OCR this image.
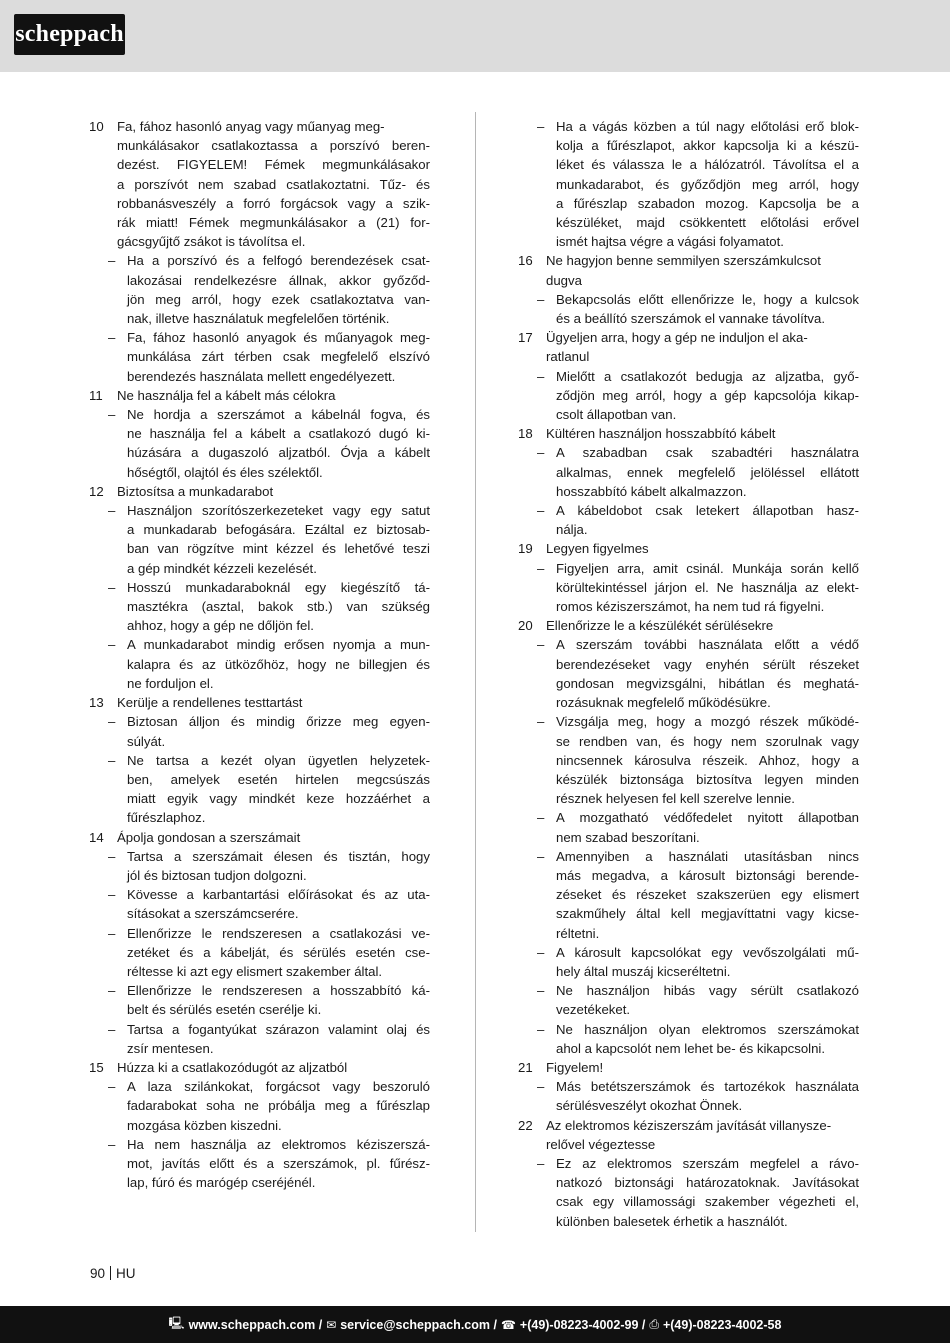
scheppach
10	Fa, fához hasonló anyag vagy műanyag meg-
munkálásakor csatlakoztassa a porszívó beren-
dezést. FIGYELEM! Fémek megmunkálásakor
a porszívót nem szabad csatlakoztatni. Tűz- és
robbanásveszély a forró forgácsok vagy a szik-
rák miatt! Fémek megmunkálásakor a (21) for-
gácsgyűjtő zsákot is távolítsa el.
– Ha a porszívó és a felfogó berendezések csat-
lakozásai rendelkezésre állnak, akkor győződ-
jön meg arról, hogy ezek csatlakoztatva van-
nak, illetve használatuk megfelelően történik.
– Fa, fához hasonló anyagok és műanyagok meg-
munkálása zárt térben csak megfelelő elszívó
berendezés használata mellett engedélyezett.
11	Ne használja fel a kábelt más célokra
– Ne hordja a szerszámot a kábelnál fogva, és
ne használja fel a kábelt a csatlakozó dugó ki-
húzására a dugaszoló aljzatból. Óvja a kábelt
hőségtől, olajtól és éles szélektől.
12	Biztosítsa a munkadarabot
– Használjon szorítószerkezeteket vagy egy satut
a munkadarab befogására. Ezáltal ez biztosab-
ban van rögzítve mint kézzel és lehetővé teszi
a gép mindkét kézzeli kezelését.
– Hosszú munkadaraboknál egy kiegészítő tá-
masztékra (asztal, bakok stb.) van szükség
ahhoz, hogy a gép ne dőljön fel.
– A munkadarabot mindig erősen nyomja a mun-
kalapra és az ütközőhöz, hogy ne billegjen és
ne forduljon el.
13	Kerülje a rendellenes testtartást
– Biztosan álljon és mindig őrizze meg egyen-
súlyát.
– Ne tartsa a kezét olyan ügyetlen helyzetek-
ben, amelyek esetén hirtelen megcsúszás
miatt egyik vagy mindkét keze hozzáérhet a
fűrészlaphoz.
14	Ápolja gondosan a szerszámait
– Tartsa a szerszámait élesen és tisztán, hogy
jól és biztosan tudjon dolgozni.
– Kövesse a karbantartási előírásokat és az uta-
sításokat a szerszámcserére.
– Ellenőrizze le rendszeresen a csatlakozási ve-
zetéket és a kábelját, és sérülés esetén cse-
réltesse ki azt egy elismert szakember által.
– Ellenőrizze le rendszeresen a hosszabbító ká-
belt és sérülés esetén cserélje ki.
– Tartsa a fogantyúkat szárazon valamint olaj és
zsír mentesen.
15	Húzza ki a csatlakozódugót az aljzatból
– A laza szilánkokat, forgácsot vagy beszoruló
fadarabokat soha ne próbálja meg a fűrészlap
mozgása közben kiszedni.
– Ha nem használja az elektromos kéziszerszá-
mot, javítás előtt és a szerszámok, pl. fűrész-
lap, fúró és marógép cseréjénél.
– Ha a vágás közben a túl nagy előtolási erő blok-
kolja a fűrészlapot, akkor kapcsolja ki a készü-
léket és válassza le a hálózatról. Távolítsa el a
munkadarabot, és győződjön meg arról, hogy
a fűrészlap szabadon mozog. Kapcsolja be a
készüléket, majd csökkentett előtolási erővel
ismét hajtsa végre a vágási folyamatot.
16	Ne hagyjon benne semmilyen szerszámkulcsot
dugva
– Bekapcsolás előtt ellenőrizze le, hogy a kulcsok
és a beállító szerszámok el vannake távolítva.
17	Ügyeljen arra, hogy a gép ne induljon el aka-
ratlanul
– Mielőtt a csatlakozót bedugja az aljzatba, győ-
ződjön meg arról, hogy a gép kapcsolója kikap-
csolt állapotban van.
18	Kültéren használjon hosszabbító kábelt
– A szabadban csak szabadtéri használatra
alkalmas, ennek megfelelő jelöléssel ellátott
hosszabbító kábelt alkalmazzon.
– A kábeldobot csak letekert állapotban hasz-
nálja.
19	Legyen figyelmes
– Figyeljen arra, amit csinál. Munkája során kellő
körültekintéssel járjon el. Ne használja az elekt-
romos kéziszerszámot, ha nem tud rá figyelni.
20	Ellenőrizze le a készülékét sérülésekre
– A szerszám további használata előtt a védő
berendezéseket vagy enyhén sérült részeket
gondosan megvizsgálni, hibátlan és meghatá-
rozásuknak megfelelő működésükre.
– Vizsgálja meg, hogy a mozgó részek működé-
se rendben van, és hogy nem szorulnak vagy
nincsennek károsulva részeik. Ahhoz, hogy a
készülék biztonsága biztosítva legyen minden
résznek helyesen fel kell szerelve lennie.
– A mozgatható védőfedelet nyitott állapotban
nem szabad beszorítani.
– Amennyiben a használati utasításban nincs
más megadva, a károsult biztonsági berende-
zéseket és részeket szakszerüen egy elismert
szakműhely által kell megjavíttatni vagy kicse-
réltetni.
– A károsult kapcsolókat egy vevőszolgálati mű-
hely által muszáj kicseréltetni.
– Ne használjon hibás vagy sérült csatlakozó
vezetékeket.
– Ne használjon olyan elektromos szerszámokat
ahol a kapcsolót nem lehet be- és kikapcsolni.
21	Figyelem!
– Más betétszerszámok és tartozékok használata
sérülésveszélyt okozhat Önnek.
22	Az elektromos kéziszerszám javítását villanysze-
relővel végeztesse
– Ez az elektromos szerszám megfelel a rávo-
natkozó biztonsági határozatoknak. Javításokat
csak egy villamossági szakember végezheti el,
különben balesetek érhetik a használót.
90 HU
🖳 www.scheppach.com / ✉ service@scheppach.com / ☎ +(49)-08223-4002-99 / ⎙ +(49)-08223-4002-58
